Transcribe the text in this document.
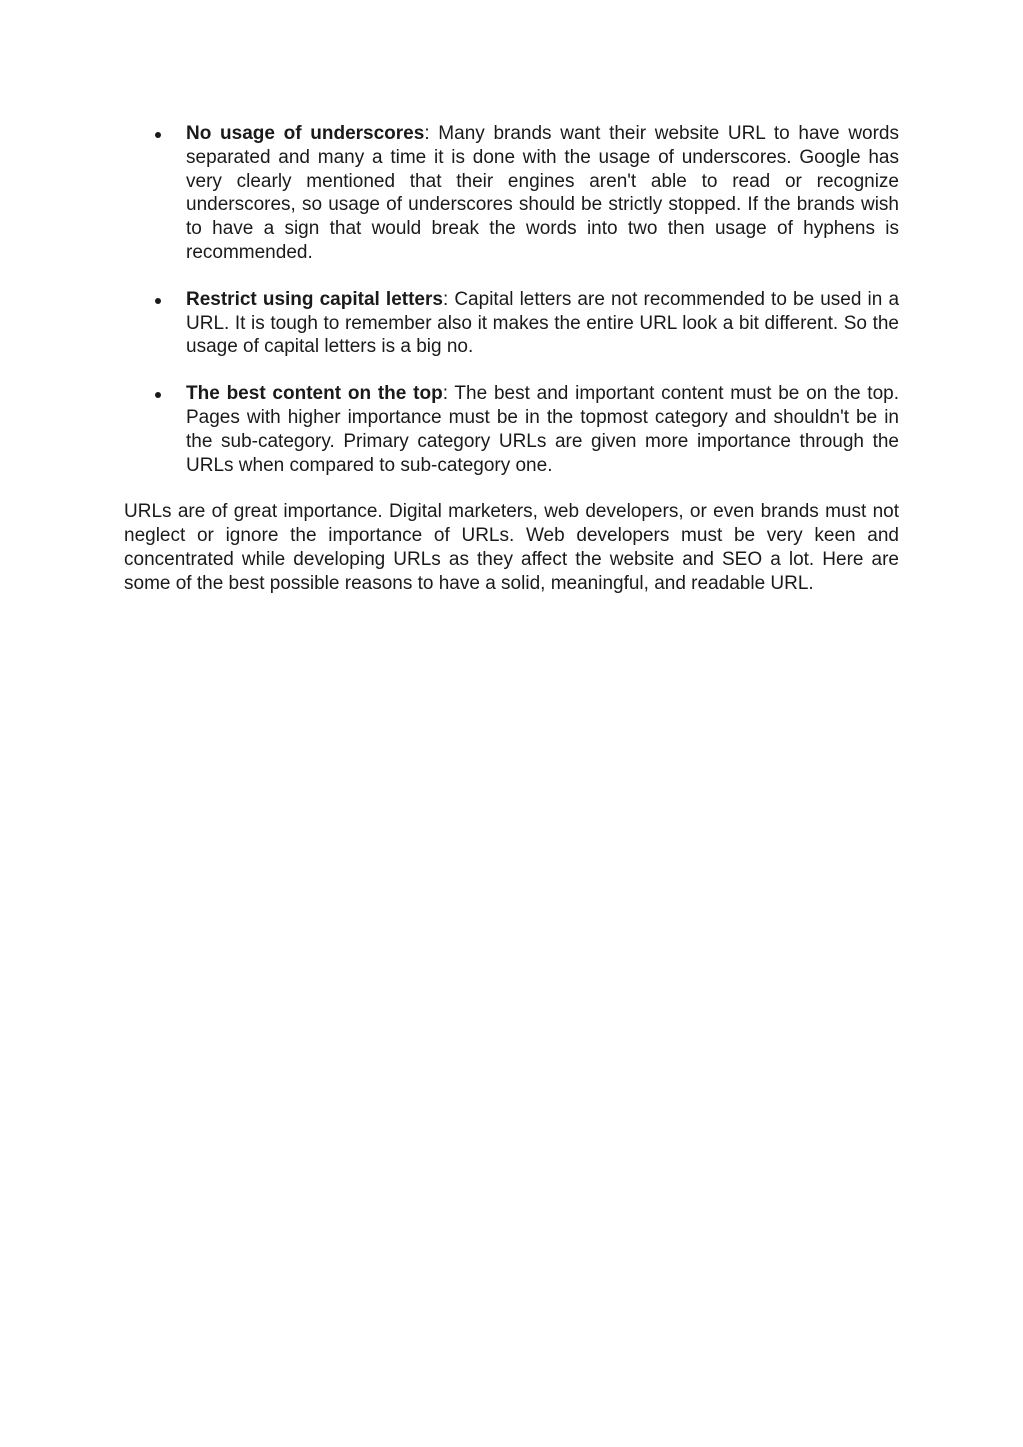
No usage of underscores: Many brands want their website URL to have words separated and many a time it is done with the usage of underscores. Google has very clearly mentioned that their engines aren't able to read or recognize underscores, so usage of underscores should be strictly stopped. If the brands wish to have a sign that would break the words into two then usage of hyphens is recommended.
Restrict using capital letters: Capital letters are not recommended to be used in a URL. It is tough to remember also it makes the entire URL look a bit different. So the usage of capital letters is a big no.
The best content on the top: The best and important content must be on the top. Pages with higher importance must be in the topmost category and shouldn't be in the sub-category. Primary category URLs are given more importance through the URLs when compared to sub-category one.

URLs are of great importance. Digital marketers, web developers, or even brands must not neglect or ignore the importance of URLs. Web developers must be very keen and concentrated while developing URLs as they affect the website and SEO a lot. Here are some of the best possible reasons to have a solid, meaningful, and readable URL.
